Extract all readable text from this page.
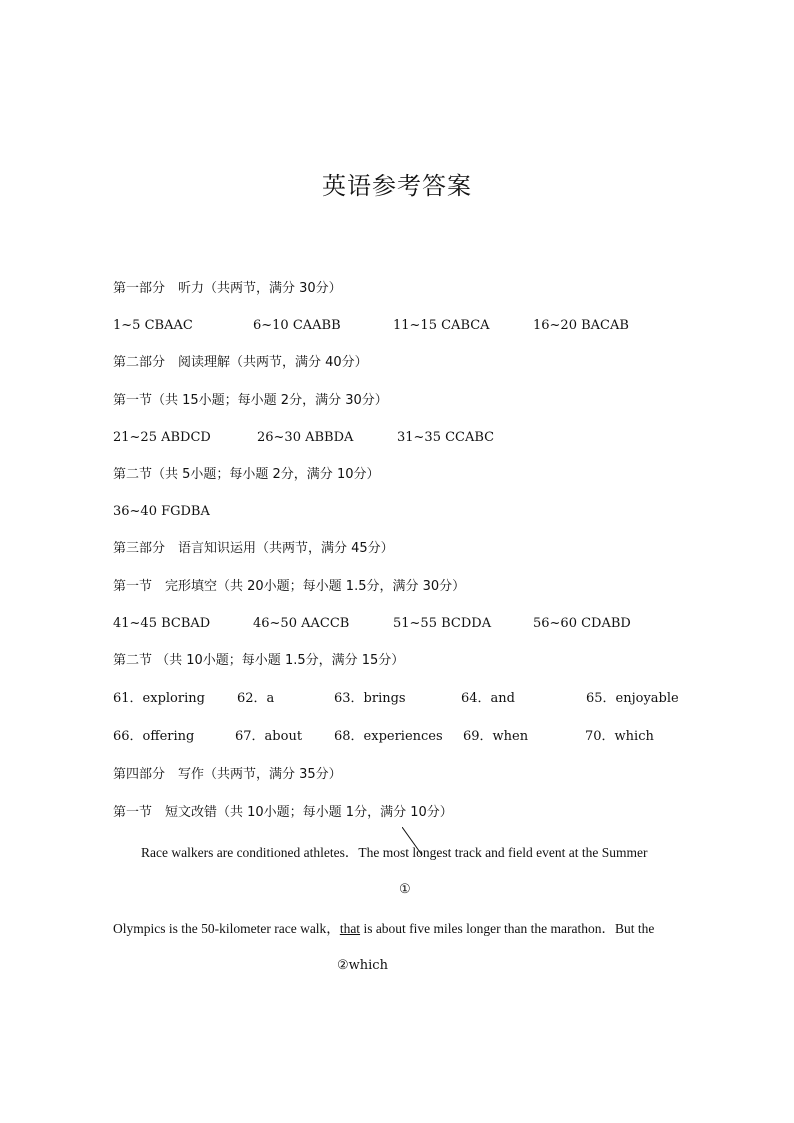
英语参考答案
第一部分　听力（共两节，满分 30分）
1~5 CBAAC	6~10 CAABB	11~15 CABCA	16~20 BACAB
第二部分　阅读理解（共两节，满分 40分）
第一节（共 15小题；每小题 2分，满分 30分）
21~25 ABDCD	26~30 ABBDA	31~35 CCABC
第二节（共 5小题；每小题 2分，满分 10分）
36~40 FGDBA
第三部分　语言知识运用（共两节，满分 45分）
第一节　完形填空（共 20小题；每小题 1.5分，满分 30分）
41~45 BCBAD	46~50 AACCB	51~55 BCDDA	56~60 CDABD
第二节 （共 10小题；每小题 1.5分，满分 15分）
61．exploring 62．a	63．brings	64．and	65．enjoyable
66．offering	67．about 68．experiences 69．when	70．which
第四部分　写作（共两节，满分 35分）
第一节　短文改错（共 10小题；每小题 1分，满分 10分）
Race walkers are conditioned athletes．The most longest track and field event at the Summer
①
Olympics is the 50-kilometer race walk，that is about five miles longer than the marathon．But the
②which
